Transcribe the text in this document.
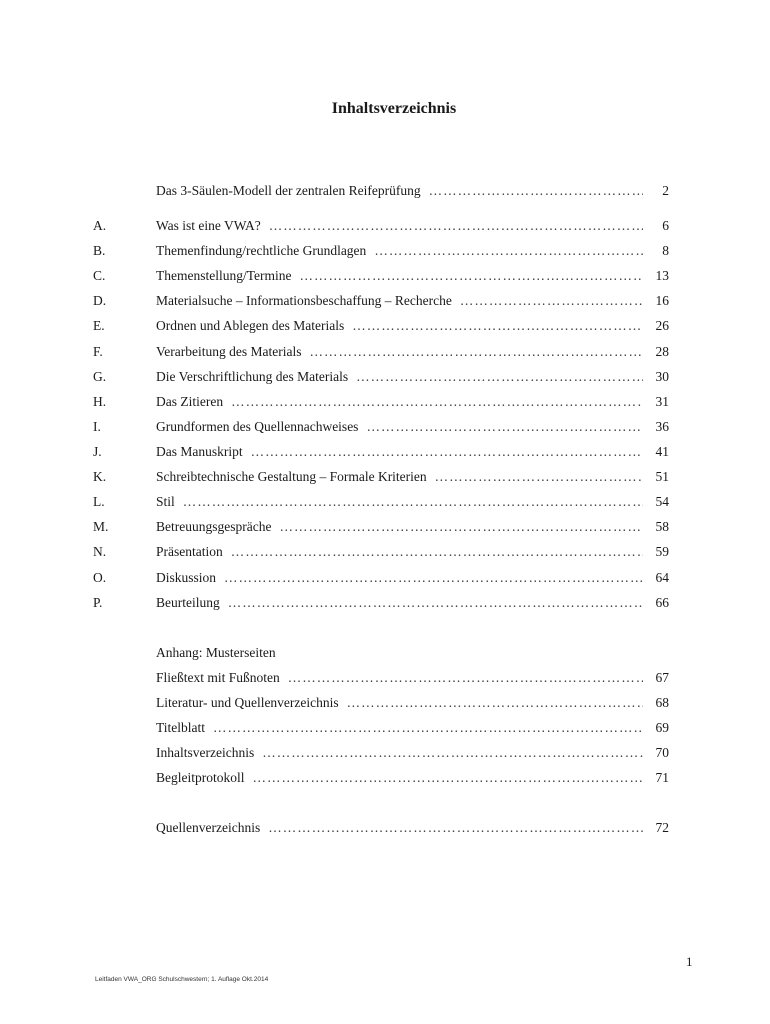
Inhaltsverzeichnis
Das 3-Säulen-Modell der zentralen Reifeprüfung ……………………………………………………………………………………………………………………………………………………	2
A.	Was ist eine VWA? ……………………………………………………………………………………………………………………………………………………	6
B.	Themenfindung/rechtliche Grundlagen ……………………………………………………………………………………………………………………………………………………	8
C.	Themenstellung/Termine ……………………………………………………………………………………………………………………………………………………	13
D.	Materialsuche – Informationsbeschaffung – Recherche ……………………………………………………………………………………………………………………………………………………	16
E.	Ordnen und Ablegen des Materials ……………………………………………………………………………………………………………………………………………………	26
F.	Verarbeitung des Materials ……………………………………………………………………………………………………………………………………………………	28
G.	Die Verschriftlichung des Materials ……………………………………………………………………………………………………………………………………………………	30
H.	Das Zitieren ……………………………………………………………………………………………………………………………………………………	31
I.	Grundformen des Quellennachweises ……………………………………………………………………………………………………………………………………………………	36
J.	Das Manuskript ……………………………………………………………………………………………………………………………………………………	41
K.	Schreibtechnische Gestaltung – Formale Kriterien ……………………………………………………………………………………………………………………………………………………	51
L.	Stil ……………………………………………………………………………………………………………………………………………………	54
M.	Betreuungsgespräche ……………………………………………………………………………………………………………………………………………………	58
N.	Präsentation ……………………………………………………………………………………………………………………………………………………	59
O.	Diskussion ……………………………………………………………………………………………………………………………………………………	64
P.	Beurteilung ……………………………………………………………………………………………………………………………………………………	66
Anhang: Musterseiten
Fließtext mit Fußnoten ……………………………………………………………………………………………………………………………………………………	67
Literatur- und Quellenverzeichnis ……………………………………………………………………………………………………………………………………………………	68
Titelblatt ……………………………………………………………………………………………………………………………………………………	69
Inhaltsverzeichnis ……………………………………………………………………………………………………………………………………………………	70
Begleitprotokoll ……………………………………………………………………………………………………………………………………………………	71
Quellenverzeichnis ……………………………………………………………………………………………………………………………………………………	72
1
Leitfaden VWA_ORG Schulschwestern; 1. Auflage Okt.2014
